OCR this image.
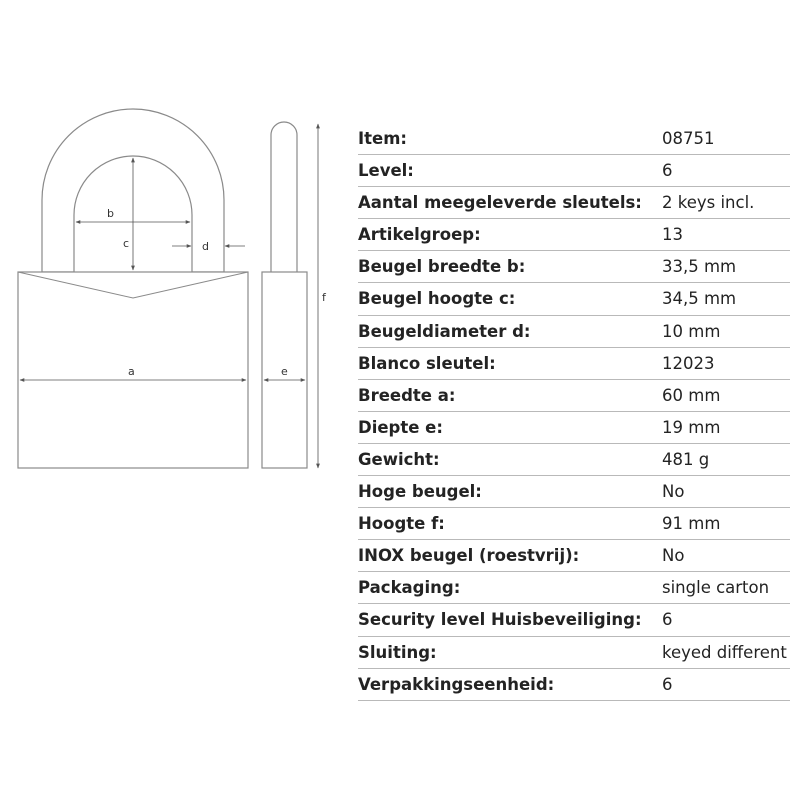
b
c	d
a	e
f
Item:	08751
Level:	6
Aantal meegeleverde sleutels: 2 keys incl.
Artikelgroep:	13
Beugel breedte b:	33,5 mm
Beugel hoogte c:	34,5 mm
Beugeldiameter d:	10 mm
Blanco sleutel:	12023
Breedte a:	60 mm
Diepte e:	19 mm
Gewicht:	481 g
Hoge beugel:	No
Hoogte f:	91 mm
INOX beugel (roestvrij):	No
Packaging:	single carton
Security level Huisbeveiliging: 6
Sluiting:	keyed different
Verpakkingseenheid:	6
